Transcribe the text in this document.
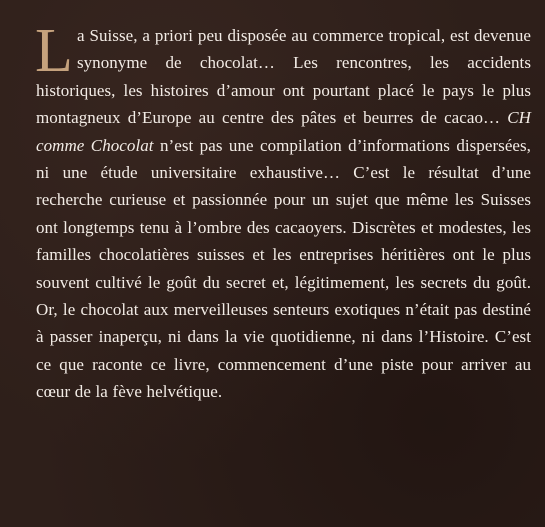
La Suisse, a priori peu disposée au commerce tropical, est devenue synonyme de chocolat… Les rencontres, les accidents historiques, les histoires d’amour ont pourtant placé le pays le plus montagneux d’Europe au centre des pâtes et beurres de cacao… CH comme Chocolat n’est pas une compilation d’informations dispersées, ni une étude universitaire exhaustive… C’est le résultat d’une recherche curieuse et passionnée pour un sujet que même les Suisses ont longtemps tenu à l’ombre des cacaoyers. Discrètes et modestes, les familles chocolatières suisses et les entreprises héritières ont le plus souvent cultivé le goût du secret et, légitimement, les secrets du goût. Or, le chocolat aux merveilleuses senteurs exotiques n’était pas destiné à passer inaperçu, ni dans la vie quotidienne, ni dans l’Histoire. C’est ce que raconte ce livre, commencement d’une piste pour arriver au cœur de la fève helvétique.
